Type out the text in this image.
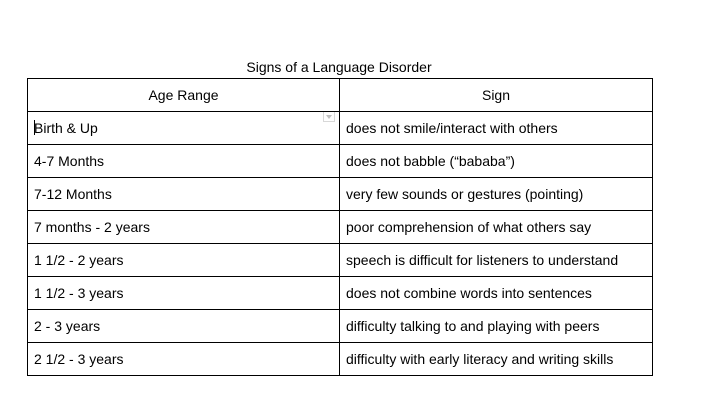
Signs of a Language Disorder
Age Range	Sign

Birth & Up	does not smile/interact with others
4-7 Months	does not babble (“bababa”)
7-12 Months	very few sounds or gestures (pointing)
7 months - 2 years	poor comprehension of what others say
1 1/2 - 2 years	speech is difficult for listeners to understand
1 1/2 - 3 years	does not combine words into sentences
2 - 3 years	difficulty talking to and playing with peers
2 1/2 - 3 years	difficulty with early literacy and writing skills
